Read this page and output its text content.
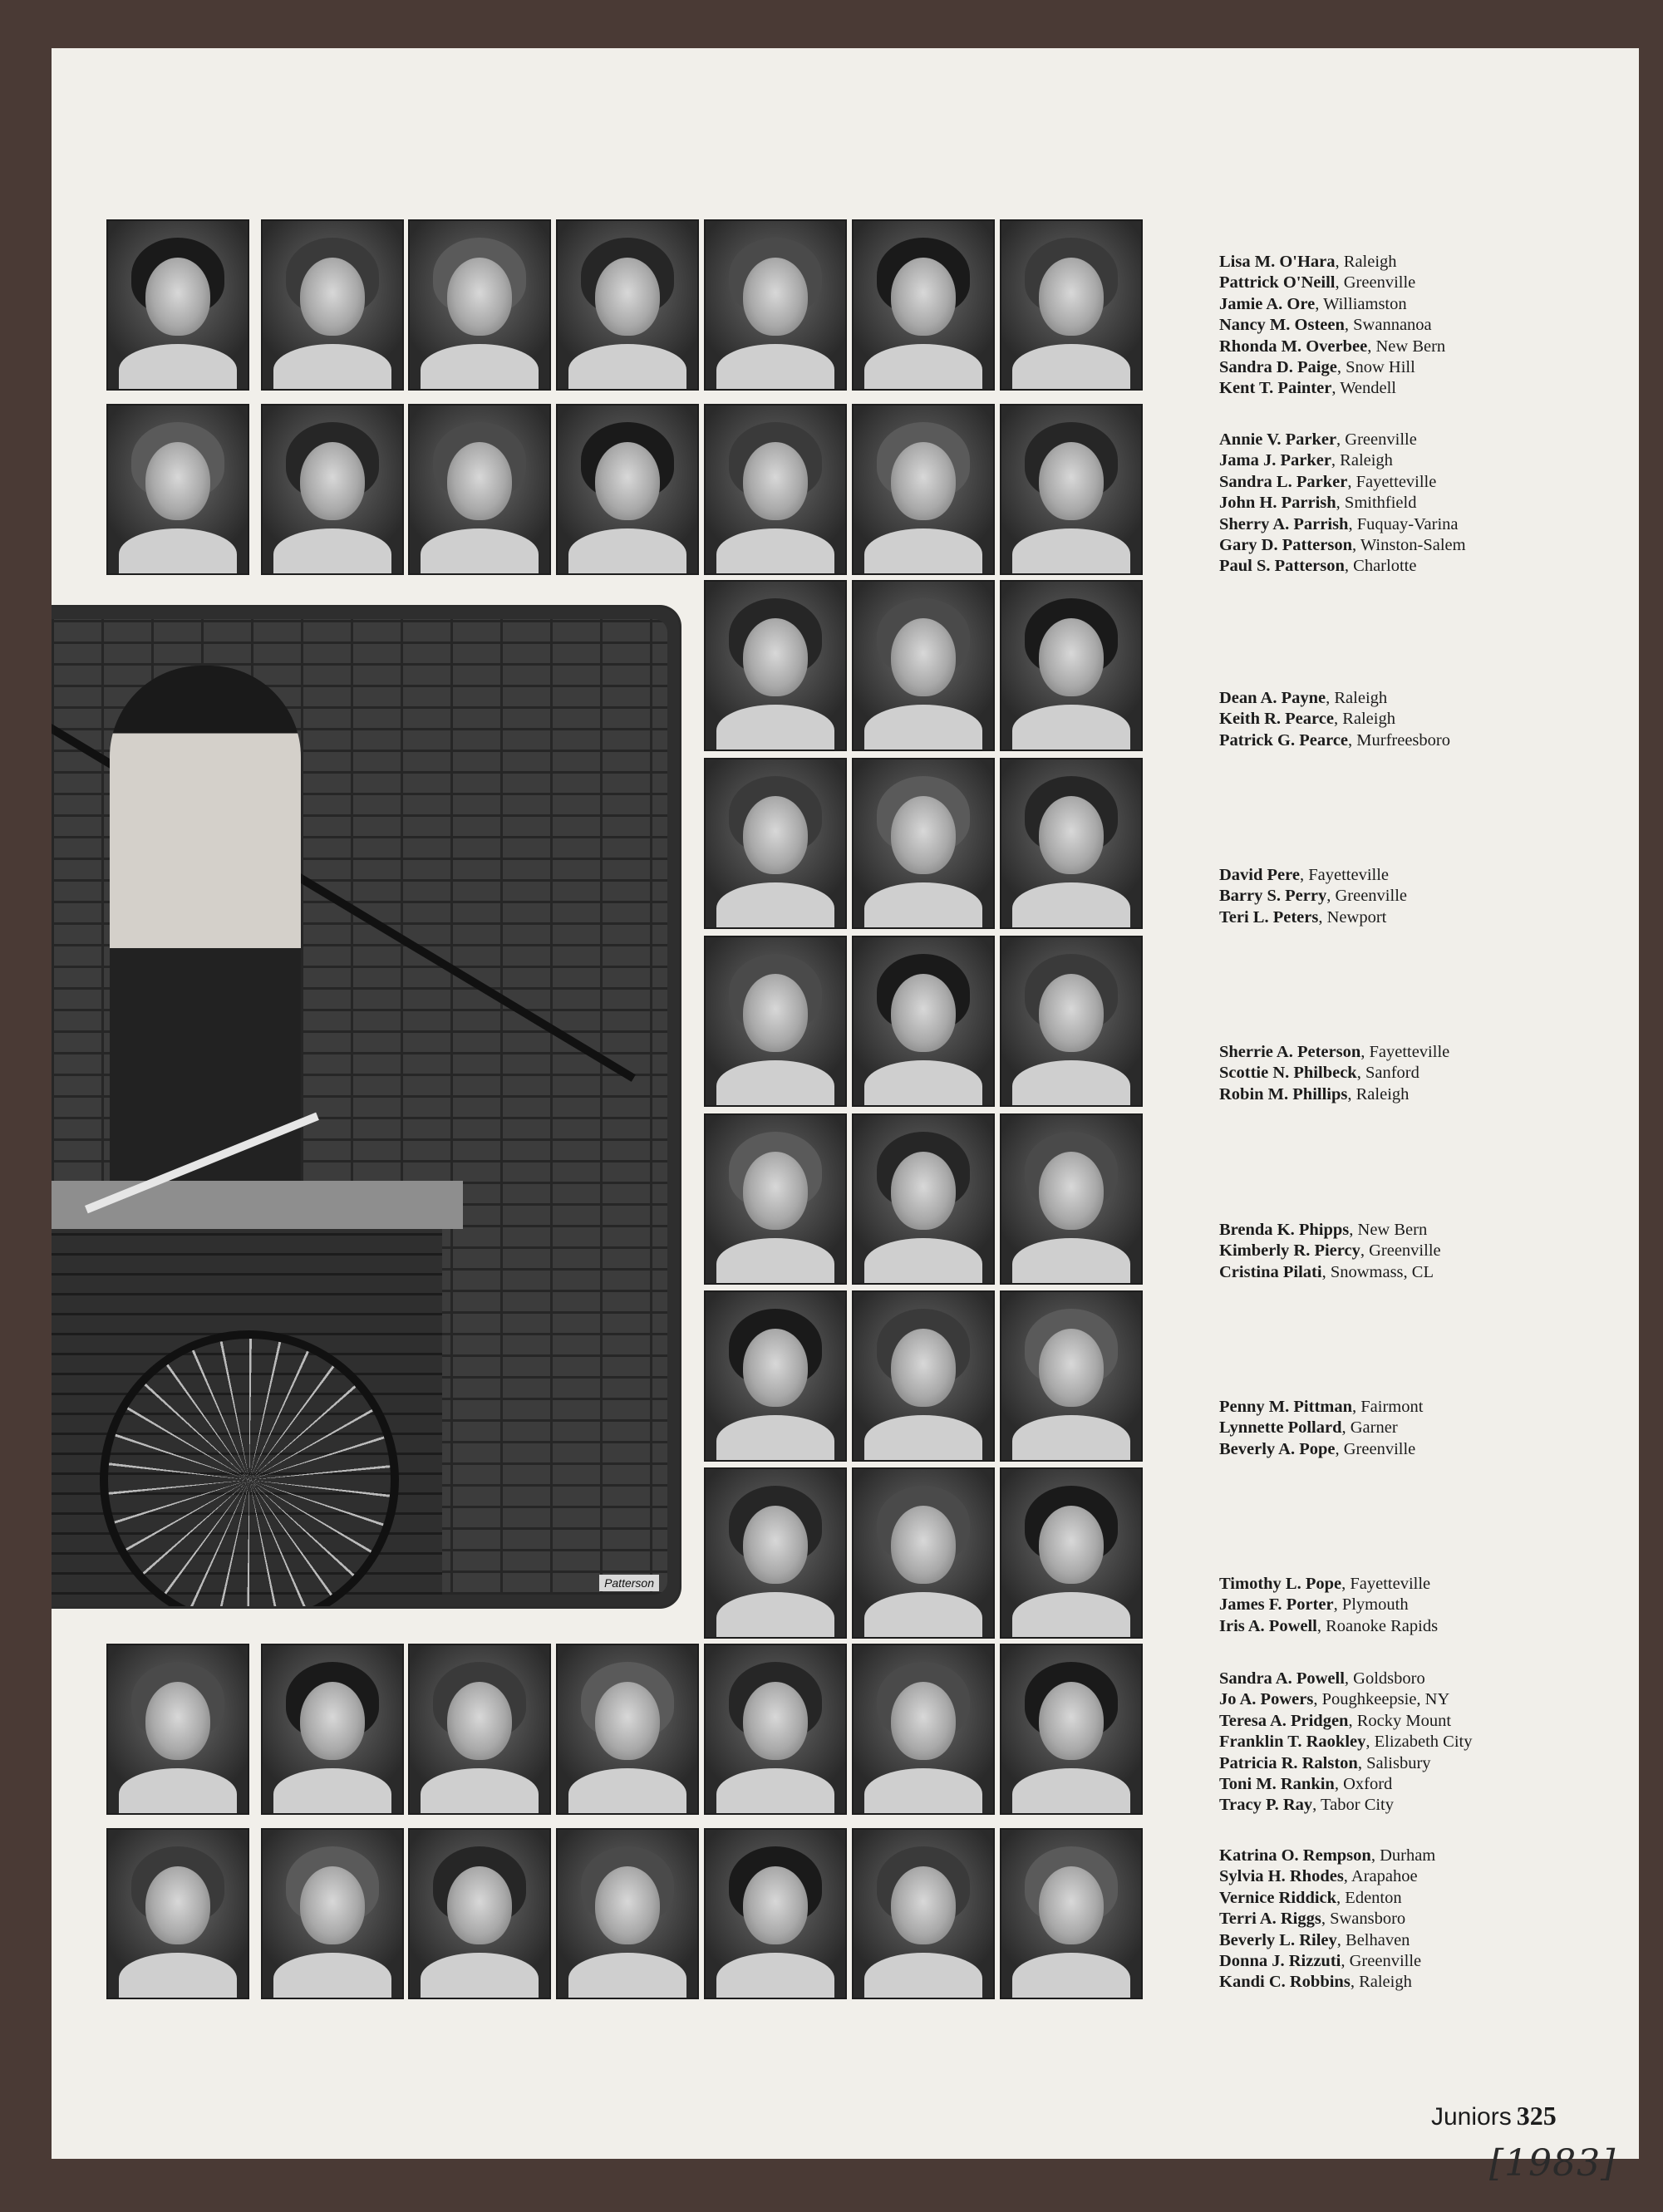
Patterson
Lisa M. O'Hara, Raleigh
Pattrick O'Neill, Greenville
Jamie A. Ore, Williamston
Nancy M. Osteen, Swannanoa
Rhonda M. Overbee, New Bern
Sandra D. Paige, Snow Hill
Kent T. Painter, Wendell
Annie V. Parker, Greenville
Jama J. Parker, Raleigh
Sandra L. Parker, Fayetteville
John H. Parrish, Smithfield
Sherry A. Parrish, Fuquay-Varina
Gary D. Patterson, Winston-Salem
Paul S. Patterson, Charlotte
Dean A. Payne, Raleigh
Keith R. Pearce, Raleigh
Patrick G. Pearce, Murfreesboro
David Pere, Fayetteville
Barry S. Perry, Greenville
Teri L. Peters, Newport
Sherrie A. Peterson, Fayetteville
Scottie N. Philbeck, Sanford
Robin M. Phillips, Raleigh
Brenda K. Phipps, New Bern
Kimberly R. Piercy, Greenville
Cristina Pilati, Snowmass, CL
Penny M. Pittman, Fairmont
Lynnette Pollard, Garner
Beverly A. Pope, Greenville
Timothy L. Pope, Fayetteville
James F. Porter, Plymouth
Iris A. Powell, Roanoke Rapids
Sandra A. Powell, Goldsboro
Jo A. Powers, Poughkeepsie, NY
Teresa A. Pridgen, Rocky Mount
Franklin T. Raokley, Elizabeth City
Patricia R. Ralston, Salisbury
Toni M. Rankin, Oxford
Tracy P. Ray, Tabor City
Katrina O. Rempson, Durham
Sylvia H. Rhodes, Arapahoe
Vernice Riddick, Edenton
Terri A. Riggs, Swansboro
Beverly L. Riley, Belhaven
Donna J. Rizzuti, Greenville
Kandi C. Robbins, Raleigh
Juniors 325
[1983]
